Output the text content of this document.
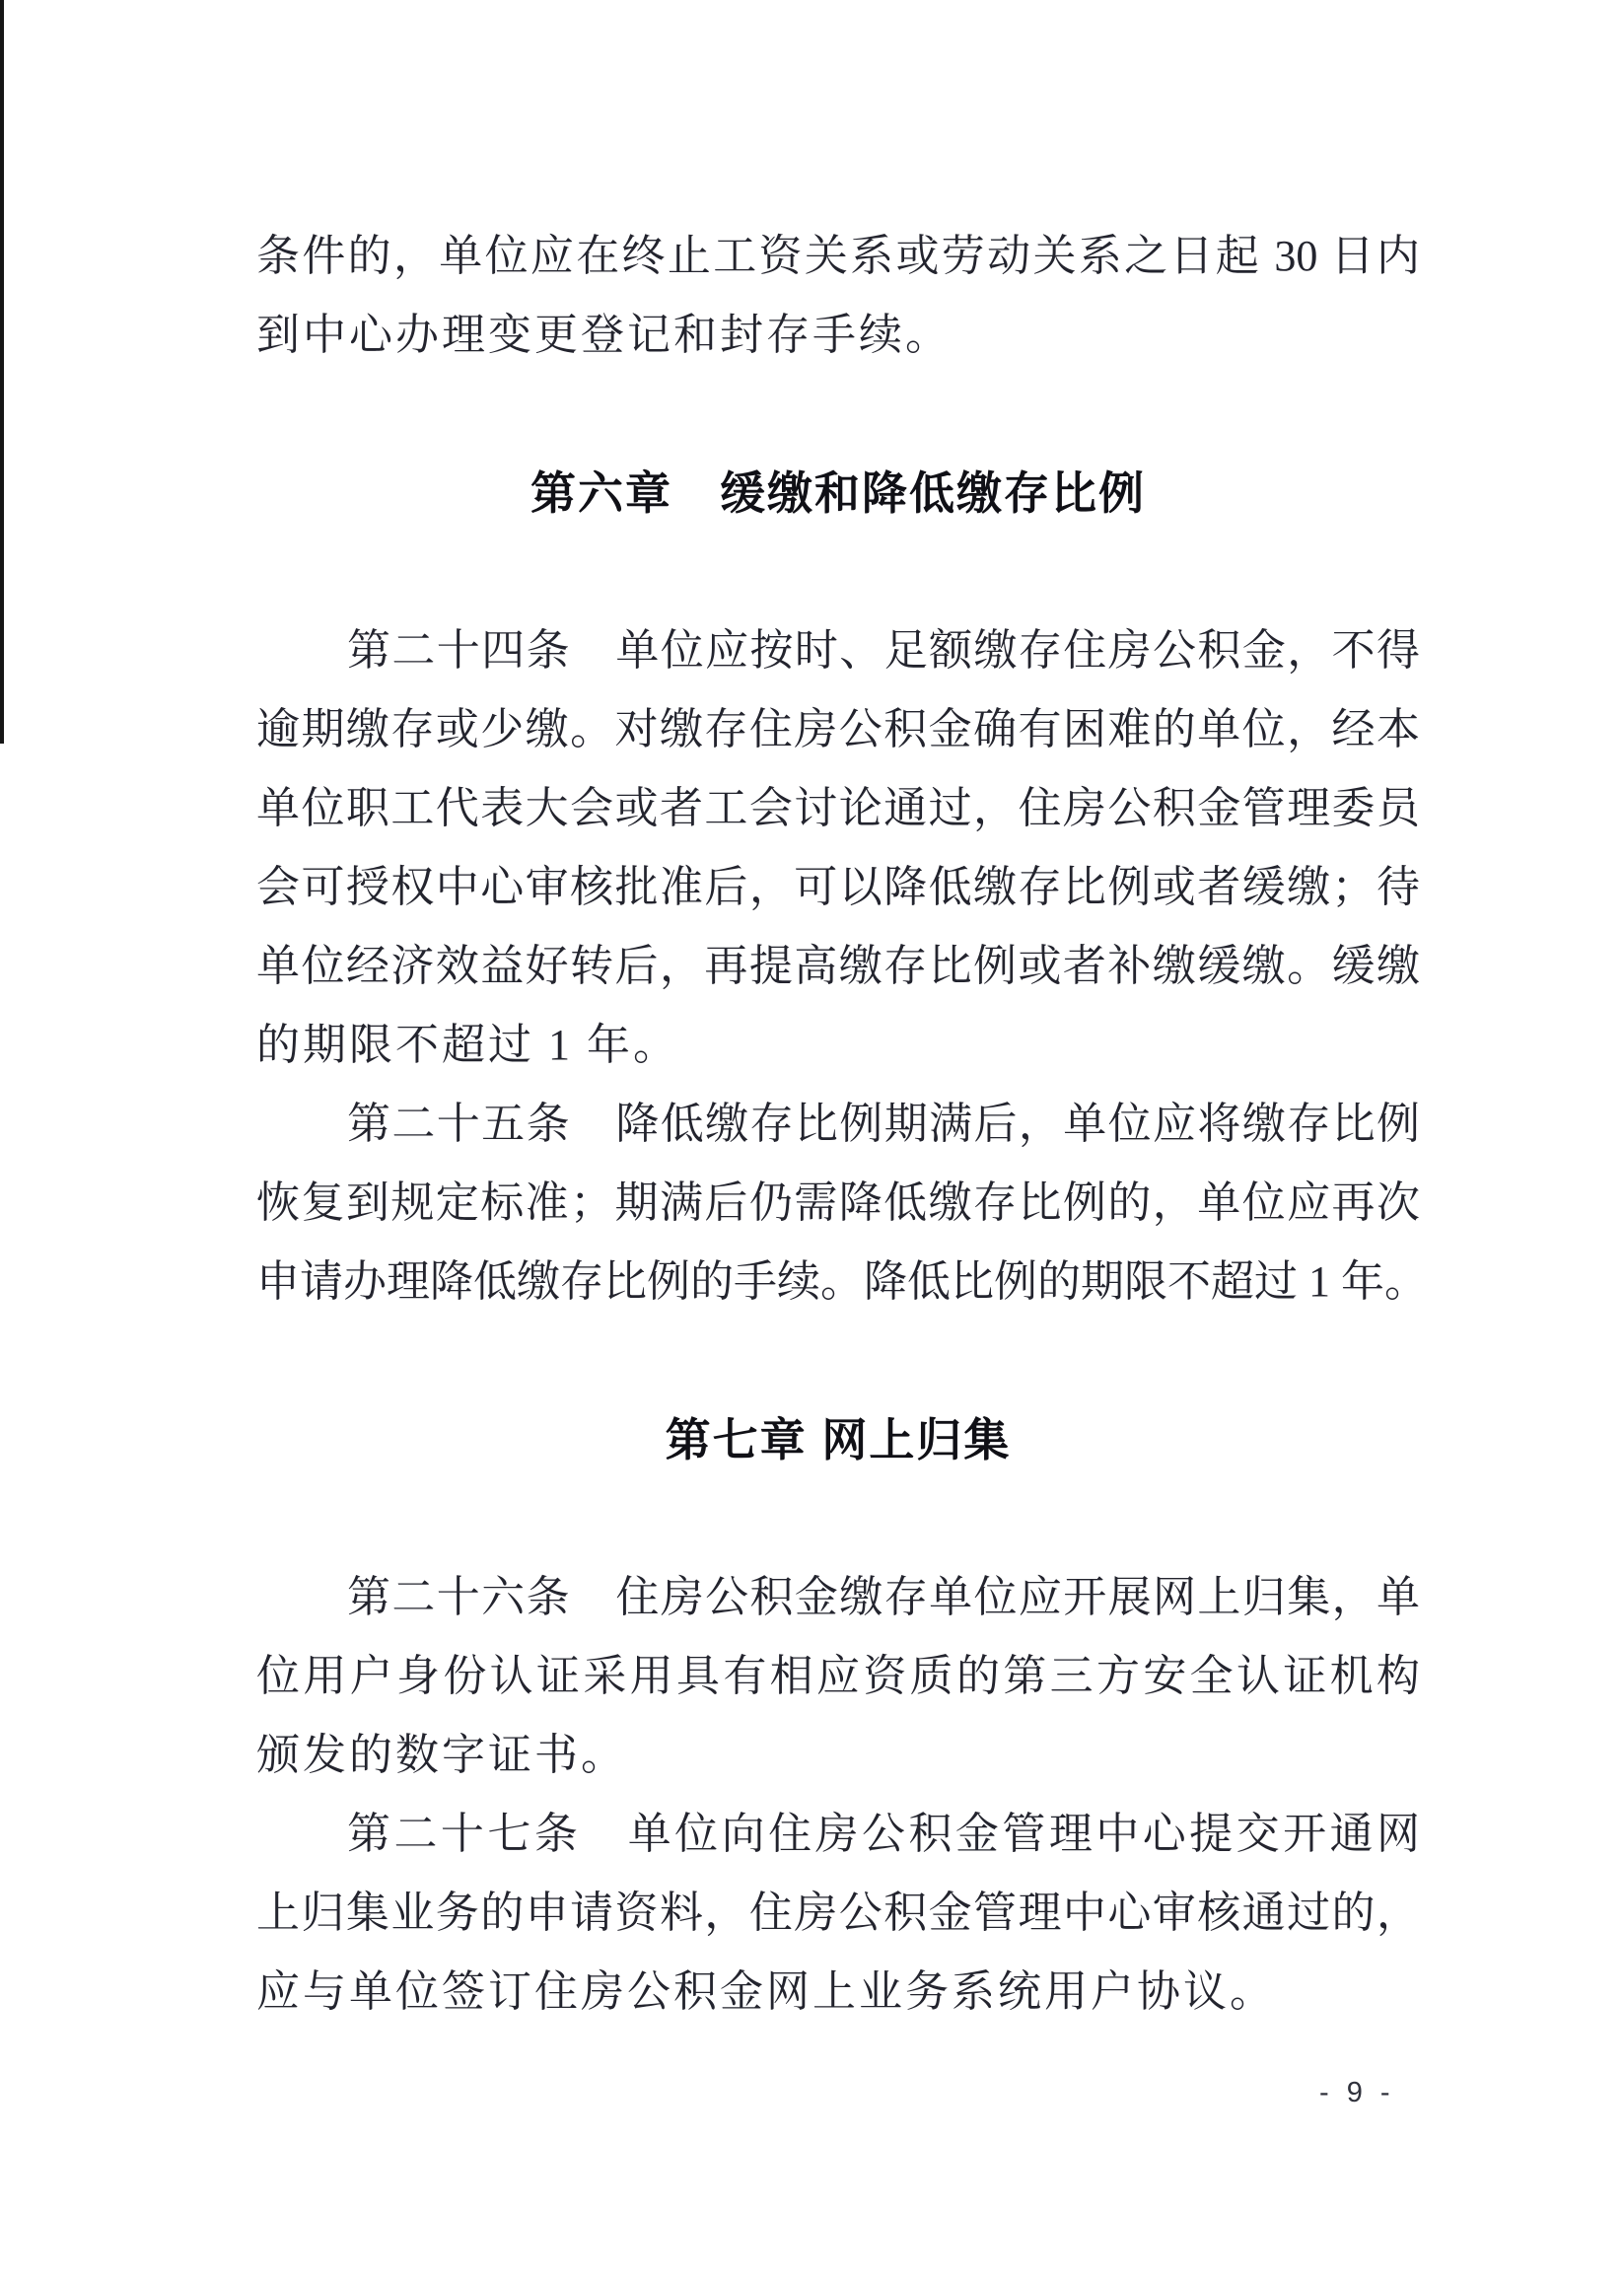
条件的，单位应在终止工资关系或劳动关系之日起 30 日内
到中心办理变更登记和封存手续。
第六章　缓缴和降低缴存比例
第二十四条　单位应按时、足额缴存住房公积金，不得
逾期缴存或少缴。对缴存住房公积金确有困难的单位，经本
单位职工代表大会或者工会讨论通过，住房公积金管理委员
会可授权中心审核批准后，可以降低缴存比例或者缓缴；待
单位经济效益好转后，再提高缴存比例或者补缴缓缴。缓缴
的期限不超过 1 年。
第二十五条　降低缴存比例期满后，单位应将缴存比例
恢复到规定标准；期满后仍需降低缴存比例的，单位应再次
申请办理降低缴存比例的手续。降低比例的期限不超过 1 年。
第七章 网上归集
第二十六条　住房公积金缴存单位应开展网上归集，单
位用户身份认证采用具有相应资质的第三方安全认证机构
颁发的数字证书。
第二十七条　单位向住房公积金管理中心提交开通网
上归集业务的申请资料，住房公积金管理中心审核通过的，
应与单位签订住房公积金网上业务系统用户协议。
- 9 -
